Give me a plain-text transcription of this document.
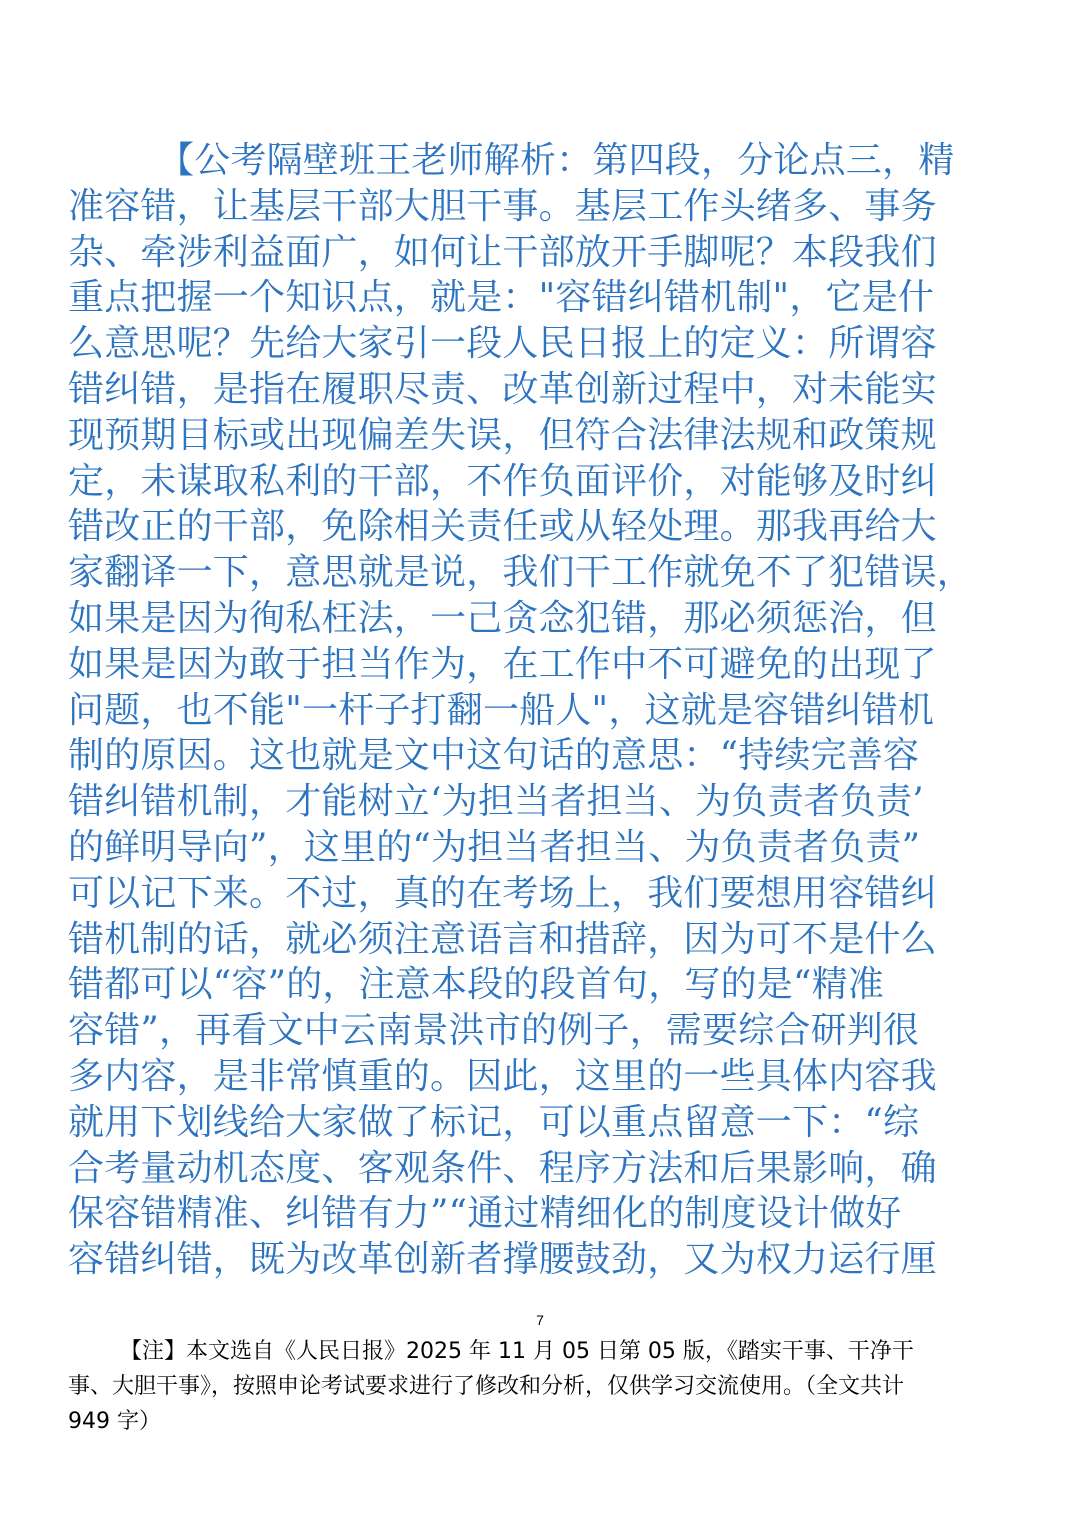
【公考隔壁班王老师解析：第四段，分论点三，精
准容错，让基层干部大胆干事。基层工作头绪多、事务
杂、牵涉利益面广，如何让干部放开手脚呢？本段我们
重点把握一个知识点，就是："容错纠错机制"，它是什
么意思呢？先给大家引一段人民日报上的定义：所谓容
错纠错，是指在履职尽责、改革创新过程中，对未能实
现预期目标或出现偏差失误，但符合法律法规和政策规
定，未谋取私利的干部，不作负面评价，对能够及时纠
错改正的干部，免除相关责任或从轻处理。那我再给大
家翻译一下，意思就是说，我们干工作就免不了犯错误，
如果是因为徇私枉法，一己贪念犯错，那必须惩治，但
如果是因为敢于担当作为，在工作中不可避免的出现了
问题，也不能"一杆子打翻一船人"，这就是容错纠错机
制的原因。这也就是文中这句话的意思：“持续完善容
错纠错机制，才能树立‘为担当者担当、为负责者负责’
的鲜明导向”，这里的“为担当者担当、为负责者负责”
可以记下来。不过，真的在考场上，我们要想用容错纠
错机制的话，就必须注意语言和措辞，因为可不是什么
错都可以“容”的，注意本段的段首句，写的是“精准
容错”，再看文中云南景洪市的例子，需要综合研判很
多内容，是非常慎重的。因此，这里的一些具体内容我
就用下划线给大家做了标记，可以重点留意一下：“综
合考量动机态度、客观条件、程序方法和后果影响，确
保容错精准、纠错有力”“通过精细化的制度设计做好
容错纠错，既为改革创新者撑腰鼓劲，又为权力运行厘
7
【注】本文选自《人民日报》2025 年 11 月 05 日第 05 版，《踏实干事、干净干
事、大胆干事》，按照申论考试要求进行了修改和分析，仅供学习交流使用。（全文共计
949 字）
